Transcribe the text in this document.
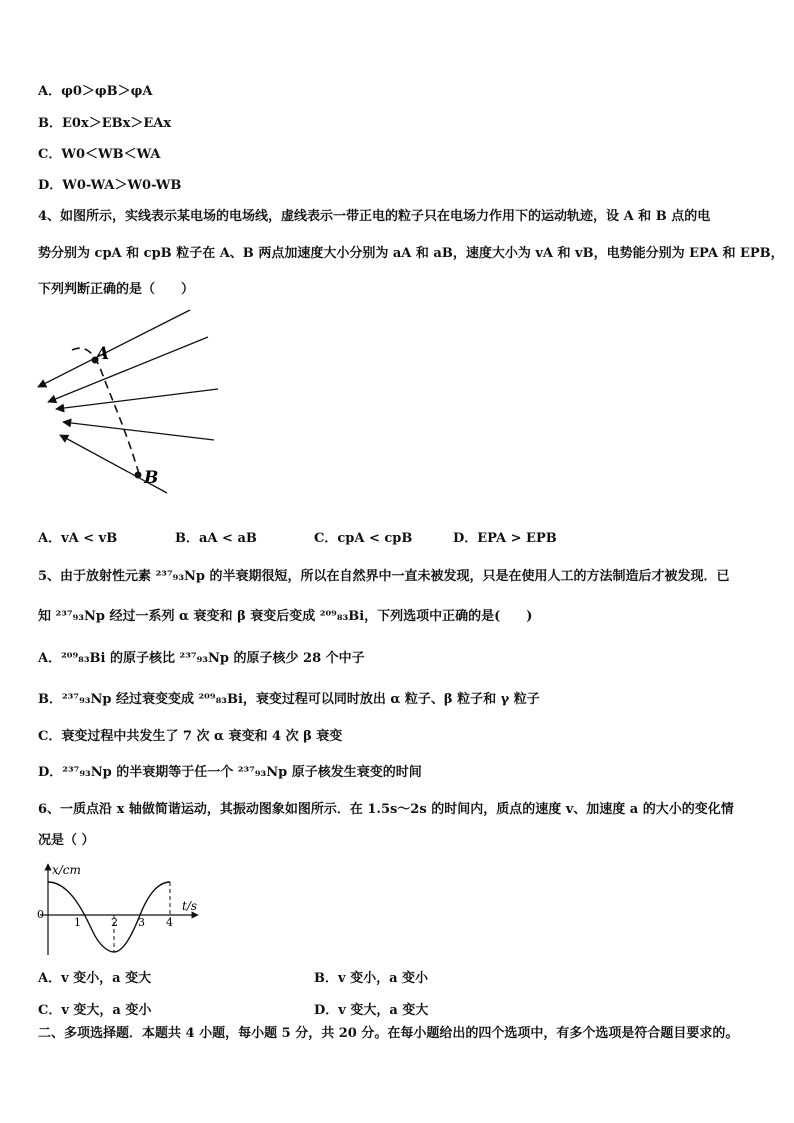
A．φ0＞φB＞φA
B．E0x＞EBx＞EAx
C．W0＜WB＜WA
D．W0-WA＞W0-WB
4、如图所示，实线表示某电场的电场线，虚线表示一带正电的粒子只在电场力作用下的运动轨迹，设 A 和 B 点的电
势分别为 cpA 和 cpB 粒子在 A、B 两点加速度大小分别为 aA 和 aB，速度大小为 vA 和 vB，电势能分别为 EPA 和 EPB，
下列判断正确的是（　　）
A
B
A．vA < vB	B．aA < aB	C．cpA < cpB	D．EPA > EPB
5、由于放射性元素 ²³⁷₉₃Np 的半衰期很短，所以在自然界中一直未被发现，只是在使用人工的方法制造后才被发现．已
知 ²³⁷₉₃Np 经过一系列 α 衰变和 β 衰变后变成 ²⁰⁹₈₃Bi，下列选项中正确的是(　　)
A．²⁰⁹₈₃Bi 的原子核比 ²³⁷₉₃Np 的原子核少 28 个中子
B．²³⁷₉₃Np 经过衰变变成 ²⁰⁹₈₃Bi，衰变过程可以同时放出 α 粒子、β 粒子和 γ 粒子
C．衰变过程中共发生了 7 次 α 衰变和 4 次 β 衰变
D．²³⁷₉₃Np 的半衰期等于任一个 ²³⁷₉₃Np 原子核发生衰变的时间
6、一质点沿 x 轴做简谐运动，其振动图象如图所示．在 1.5s～2s 的时间内，质点的速度 v、加速度 a 的大小的变化情
况是（ ）
x/cm
t/s
0
1	2 3 4
A．v 变小，a 变大	B．v 变小，a 变小
C．v 变大，a 变小	D．v 变大，a 变大
二、多项选择题．本题共 4 小题，每小题 5 分，共 20 分。在每小题给出的四个选项中，有多个选项是符合题目要求的。
